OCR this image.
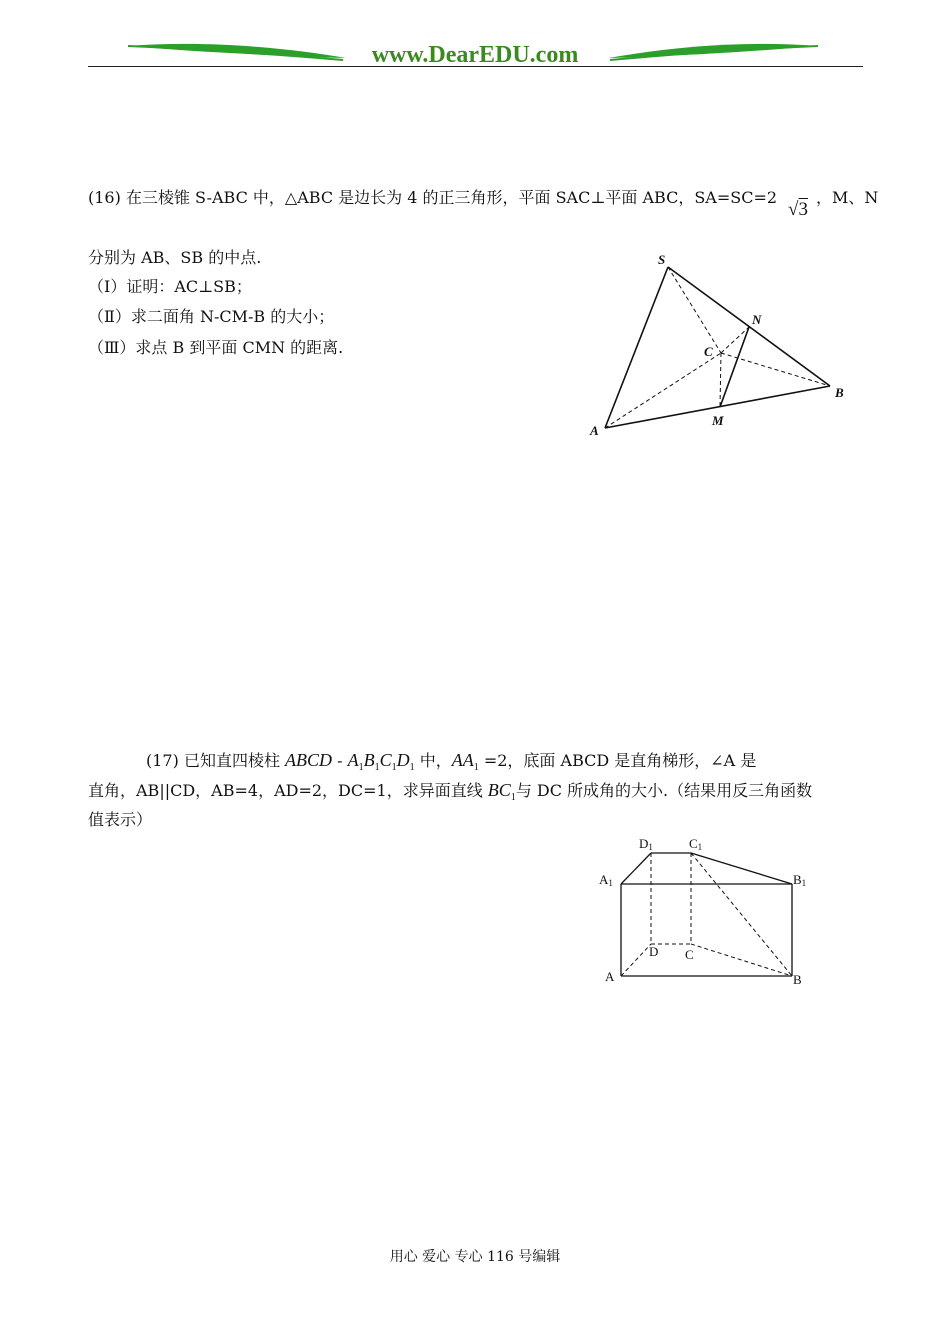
www.DearEDU.com
(16) 在三棱锥 S-ABC 中，△ABC 是边长为 4 的正三角形，平面 SAC⊥平面 ABC，SA=SC=2
√3
，M、N
分别为 AB、SB 的中点.
（Ⅰ）证明：AC⊥SB；
（Ⅱ）求二面角 N-CM-B 的大小；
（Ⅲ）求点 B 到平面 CMN 的距离.
S
N
C
B
A
M
(17) 已知直四棱柱 ABCD - $A_1B_1C_1D_1$ 中，$AA_1 =2$，底面 ABCD 是直角梯形，∠A 是
直角，AB||CD，AB=4，AD=2，DC=1，求异面直线 $BC_1$与 DC 所成角的大小.（结果用反三角函数
值表示）
D1	C1
A1	B1
D C
A	B
用心 爱心 专心 116 号编辑
